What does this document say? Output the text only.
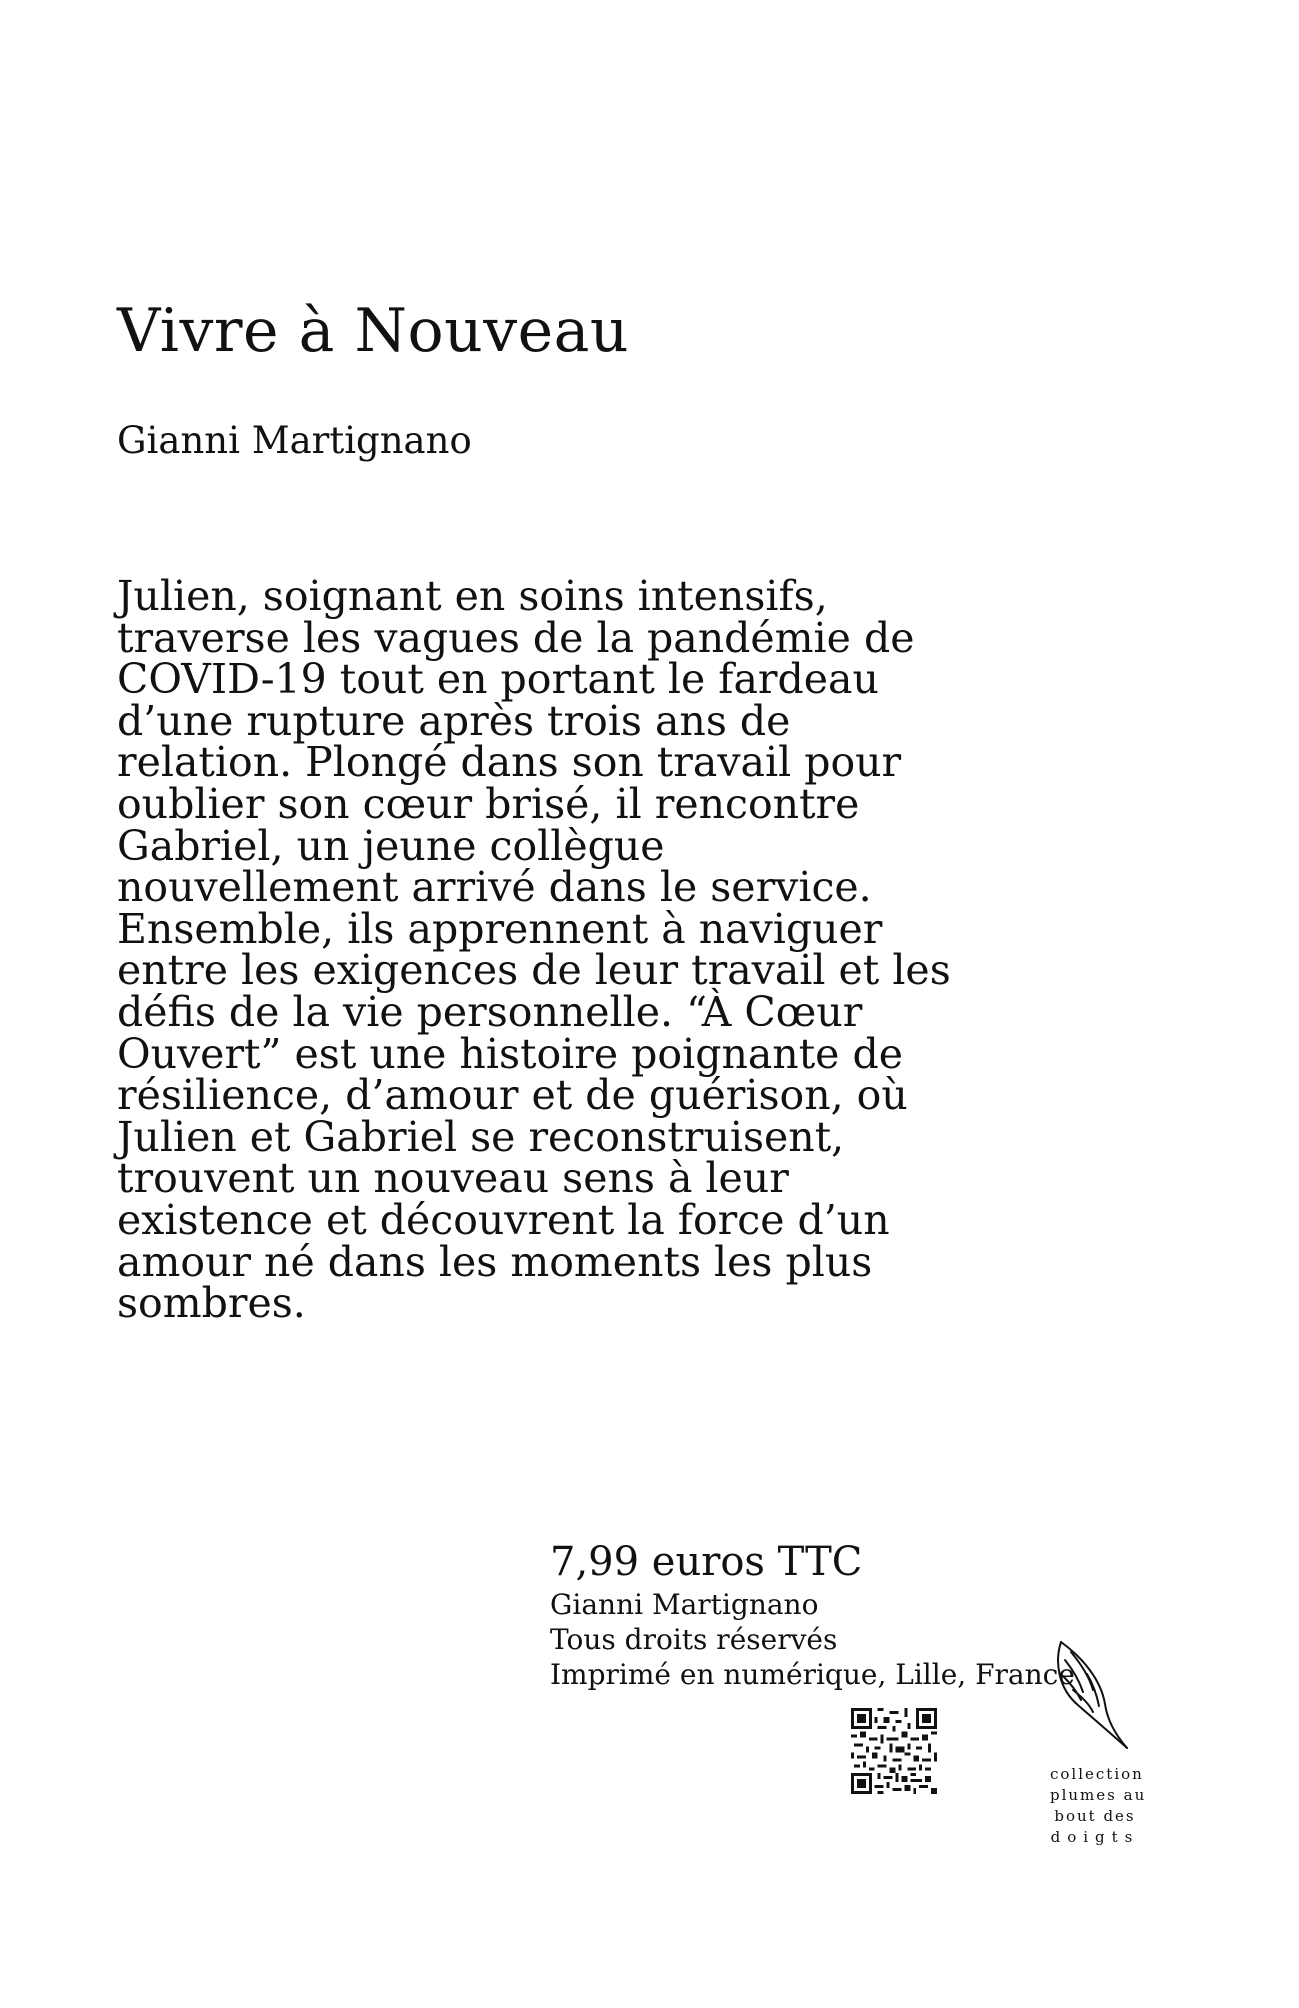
Vivre à Nouveau

Gianni Martignano

Julien, soignant en soins intensifs,
traverse les vagues de la pandémie de
COVID-19 tout en portant le fardeau
d’une rupture après trois ans de
relation. Plongé dans son travail pour
oublier son cœur brisé, il rencontre
Gabriel, un jeune collègue
nouvellement arrivé dans le service.
Ensemble, ils apprennent à naviguer
entre les exigences de leur travail et les
défis de la vie personnelle. “À Cœur
Ouvert” est une histoire poignante de
résilience, d’amour et de guérison, où
Julien et Gabriel se reconstruisent,
trouvent un nouveau sens à leur
existence et découvrent la force d’un
amour né dans les moments les plus
sombres.
7,99 euros TTC
Gianni Martignano
Tous droits réservés
Imprimé en numérique, Lille, France
collection
plumes au
bout des
doigts
